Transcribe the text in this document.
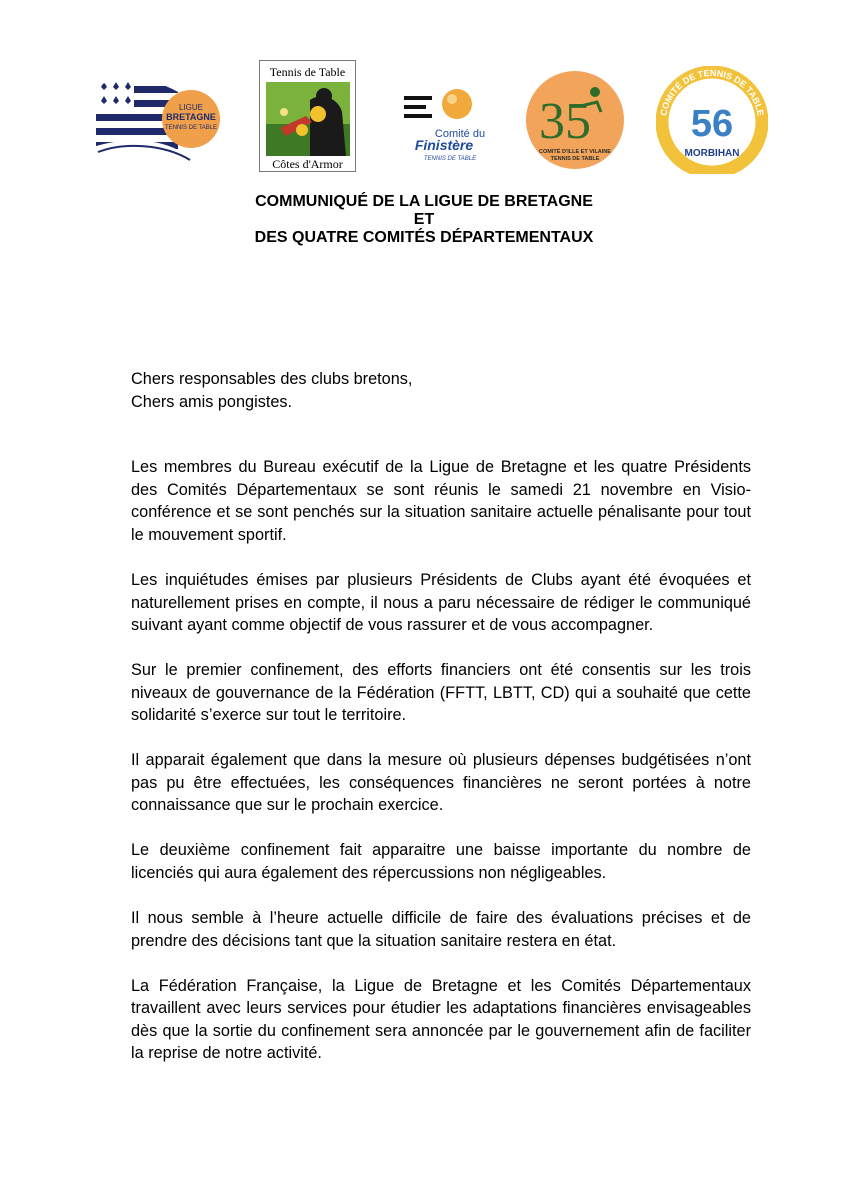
LIGUE
BRETAGNE
TENNIS DE TABLE
Tennis de Table
Côtes d'Armor
Comité du
Finistère
TENNIS DE TABLE
35
COMITÉ D'ILLE ET VILAINE
TENNIS DE TABLE
COMITÉ DE TENNIS DE TABLE
56
MORBIHAN
COMMUNIQUÉ DE LA LIGUE DE BRETAGNE
ET
DES QUATRE COMITÉS DÉPARTEMENTAUX

Chers responsables des clubs bretons,
Chers amis pongistes.

Les membres du Bureau exécutif de la Ligue de Bretagne et les quatre Présidents des Comités Départementaux se sont réunis le samedi 21 novembre en Visio-conférence et se sont penchés sur la situation sanitaire actuelle pénalisante pour tout le mouvement sportif.

Les inquiétudes émises par plusieurs Présidents de Clubs ayant été évoquées et naturellement prises en compte, il nous a paru nécessaire de rédiger le communiqué suivant ayant comme objectif de vous rassurer et de vous accompagner.

Sur le premier confinement, des efforts financiers ont été consentis sur les trois niveaux de gouvernance de la Fédération (FFTT, LBTT, CD) qui a souhaité que cette solidarité s’exerce sur tout le territoire.

Il apparait également que dans la mesure où plusieurs dépenses budgétisées n’ont pas pu être effectuées, les conséquences financières ne seront portées à notre connaissance que sur le prochain exercice.

Le deuxième confinement fait apparaitre une baisse importante du nombre de licenciés qui aura également des répercussions non négligeables.

Il nous semble à l’heure actuelle difficile de faire des évaluations précises et de prendre des décisions tant que la situation sanitaire restera en état.

La Fédération Française, la Ligue de Bretagne et les Comités Départementaux travaillent avec leurs services pour étudier les adaptations financières envisageables dès que la sortie du confinement sera annoncée par le gouvernement afin de faciliter la reprise de notre activité.
